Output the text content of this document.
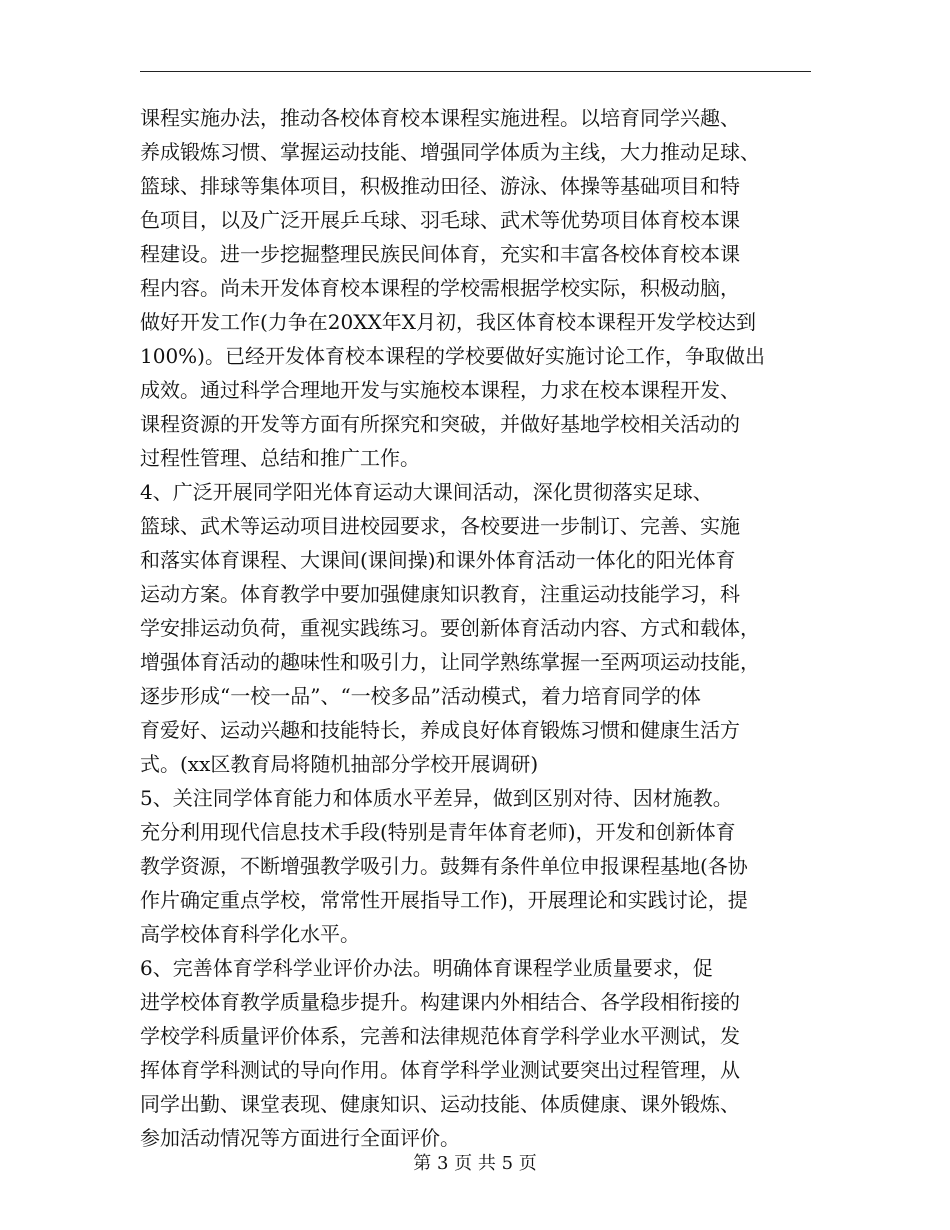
课程实施办法，推动各校体育校本课程实施进程。以培育同学兴趣、
养成锻炼习惯、掌握运动技能、增强同学体质为主线，大力推动足球、
篮球、排球等集体项目，积极推动田径、游泳、体操等基础项目和特
色项目，以及广泛开展乒乓球、羽毛球、武术等优势项目体育校本课
程建设。进一步挖掘整理民族民间体育，充实和丰富各校体育校本课
程内容。尚未开发体育校本课程的学校需根据学校实际，积极动脑，
做好开发工作(力争在20XX年X月初，我区体育校本课程开发学校达到
100%)。已经开发体育校本课程的学校要做好实施讨论工作，争取做出
成效。通过科学合理地开发与实施校本课程，力求在校本课程开发、
课程资源的开发等方面有所探究和突破，并做好基地学校相关活动的
过程性管理、总结和推广工作。
4、广泛开展同学阳光体育运动大课间活动，深化贯彻落实足球、
篮球、武术等运动项目进校园要求，各校要进一步制订、完善、实施
和落实体育课程、大课间(课间操)和课外体育活动一体化的阳光体育
运动方案。体育教学中要加强健康知识教育，注重运动技能学习，科
学安排运动负荷，重视实践练习。要创新体育活动内容、方式和载体，
增强体育活动的趣味性和吸引力，让同学熟练掌握一至两项运动技能，
逐步形成“一校一品”、“一校多品”活动模式，着力培育同学的体
育爱好、运动兴趣和技能特长，养成良好体育锻炼习惯和健康生活方
式。(xx区教育局将随机抽部分学校开展调研)
5、关注同学体育能力和体质水平差异，做到区别对待、因材施教。
充分利用现代信息技术手段(特别是青年体育老师)，开发和创新体育
教学资源，不断增强教学吸引力。鼓舞有条件单位申报课程基地(各协
作片确定重点学校，常常性开展指导工作)，开展理论和实践讨论，提
高学校体育科学化水平。
6、完善体育学科学业评价办法。明确体育课程学业质量要求，促
进学校体育教学质量稳步提升。构建课内外相结合、各学段相衔接的
学校学科质量评价体系，完善和法律规范体育学科学业水平测试，发
挥体育学科测试的导向作用。体育学科学业测试要突出过程管理，从
同学出勤、课堂表现、健康知识、运动技能、体质健康、课外锻炼、
参加活动情况等方面进行全面评价。
第 3 页 共 5 页
